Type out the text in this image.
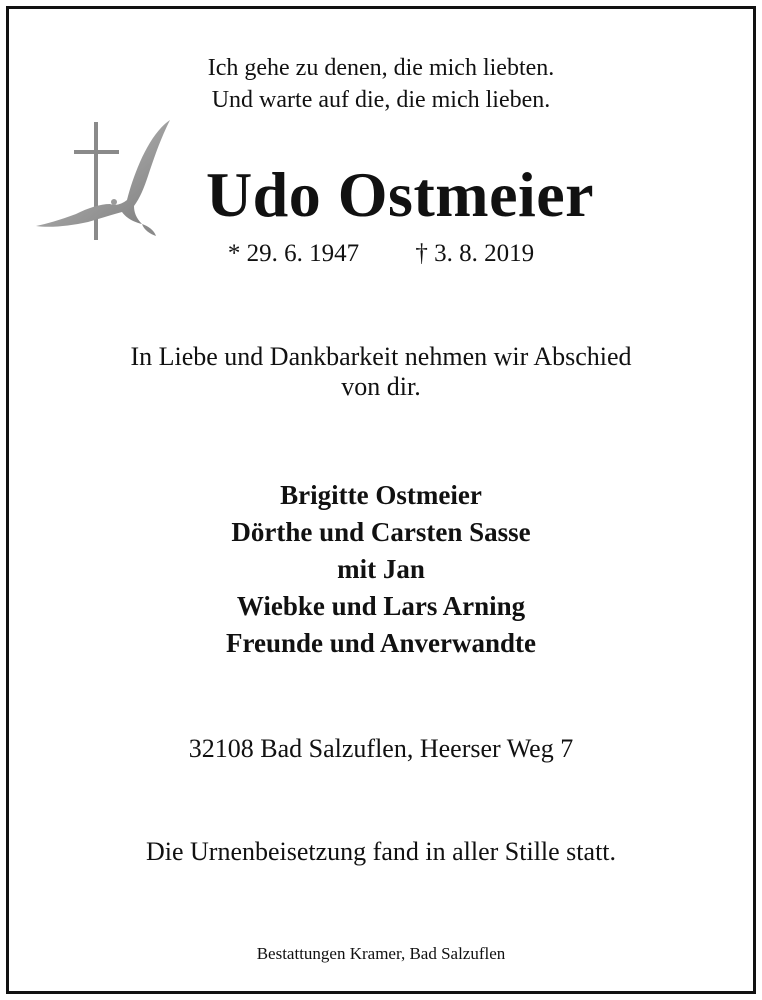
Ich gehe zu denen, die mich liebten.
Und warte auf die, die mich lieben.
Udo Ostmeier
* 29. 6. 1947 † 3. 8. 2019
In Liebe und Dankbarkeit nehmen wir Abschied
von dir.
Brigitte Ostmeier
Dörthe und Carsten Sasse
mit Jan
Wiebke und Lars Arning
Freunde und Anverwandte
32108 Bad Salzuflen, Heerser Weg 7
Die Urnenbeisetzung fand in aller Stille statt.
Bestattungen Kramer, Bad Salzuflen
